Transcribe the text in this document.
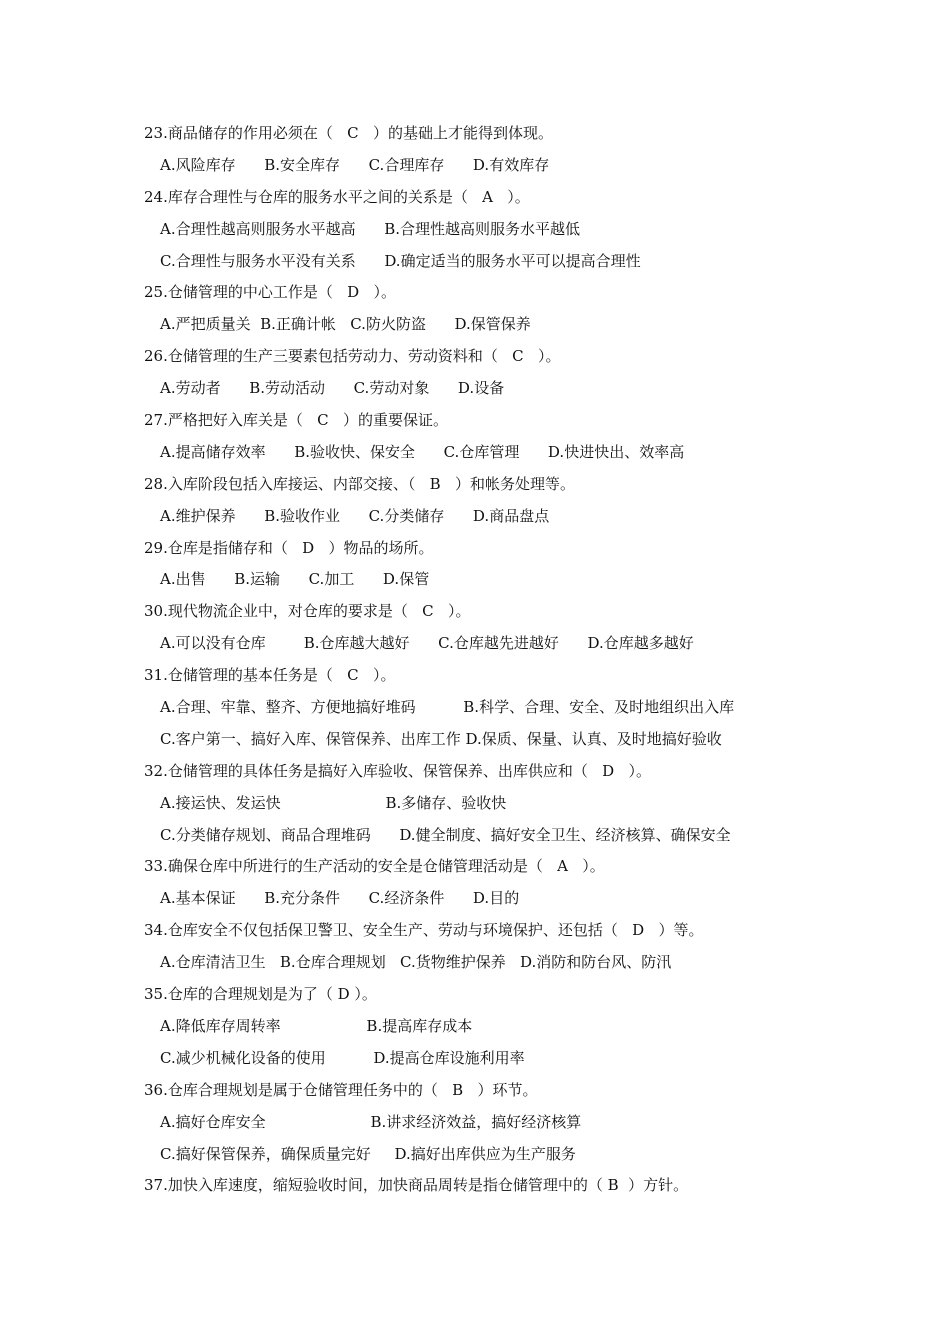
23.商品储存的作用必须在（   C   ）的基础上才能得到体现。
A.风险库存      B.安全库存      C.合理库存      D.有效库存
24.库存合理性与仓库的服务水平之间的关系是（   A   ）。
A.合理性越高则服务水平越高      B.合理性越高则服务水平越低
C.合理性与服务水平没有关系      D.确定适当的服务水平可以提高合理性
25.仓储管理的中心工作是（   D   ）。
A.严把质量关  B.正确计帐   C.防火防盗      D.保管保养
26.仓储管理的生产三要素包括劳动力、劳动资料和（   C   ）。
A.劳动者      B.劳动活动      C.劳动对象      D.设备
27.严格把好入库关是（   C   ）的重要保证。
A.提高储存效率      B.验收快、保安全      C.仓库管理      D.快进快出、效率高
28.入库阶段包括入库接运、内部交接、（   B   ）和帐务处理等。
A.维护保养      B.验收作业      C.分类储存      D.商品盘点
29.仓库是指储存和（   D   ）物品的场所。
A.出售      B.运输      C.加工      D.保管
30.现代物流企业中，对仓库的要求是（   C   ）。
A.可以没有仓库        B.仓库越大越好      C.仓库越先进越好      D.仓库越多越好
31.仓储管理的基本任务是（   C   ）。
A.合理、牢靠、整齐、方便地搞好堆码          B.科学、合理、安全、及时地组织出入库
C.客户第一、搞好入库、保管保养、出库工作 D.保质、保量、认真、及时地搞好验收
32.仓储管理的具体任务是搞好入库验收、保管保养、出库供应和（   D   ）。
A.接运快、发运快                      B.多储存、验收快
C.分类储存规划、商品合理堆码      D.健全制度、搞好安全卫生、经济核算、确保安全
33.确保仓库中所进行的生产活动的安全是仓储管理活动是（   A   ）。
A.基本保证      B.充分条件      C.经济条件      D.目的
34.仓库安全不仅包括保卫警卫、安全生产、劳动与环境保护、还包括（   D   ）等。
A.仓库清洁卫生   B.仓库合理规划   C.货物维护保养   D.消防和防台风、防汛
35.仓库的合理规划是为了（ D ）。
A.降低库存周转率                  B.提高库存成本
C.减少机械化设备的使用          D.提高仓库设施利用率
36.仓库合理规划是属于仓储管理任务中的（   B   ）环节。
A.搞好仓库安全                      B.讲求经济效益，搞好经济核算
C.搞好保管保养，确保质量完好     D.搞好出库供应为生产服务
37.加快入库速度，缩短验收时间，加快商品周转是指仓储管理中的（ B  ）方针。
